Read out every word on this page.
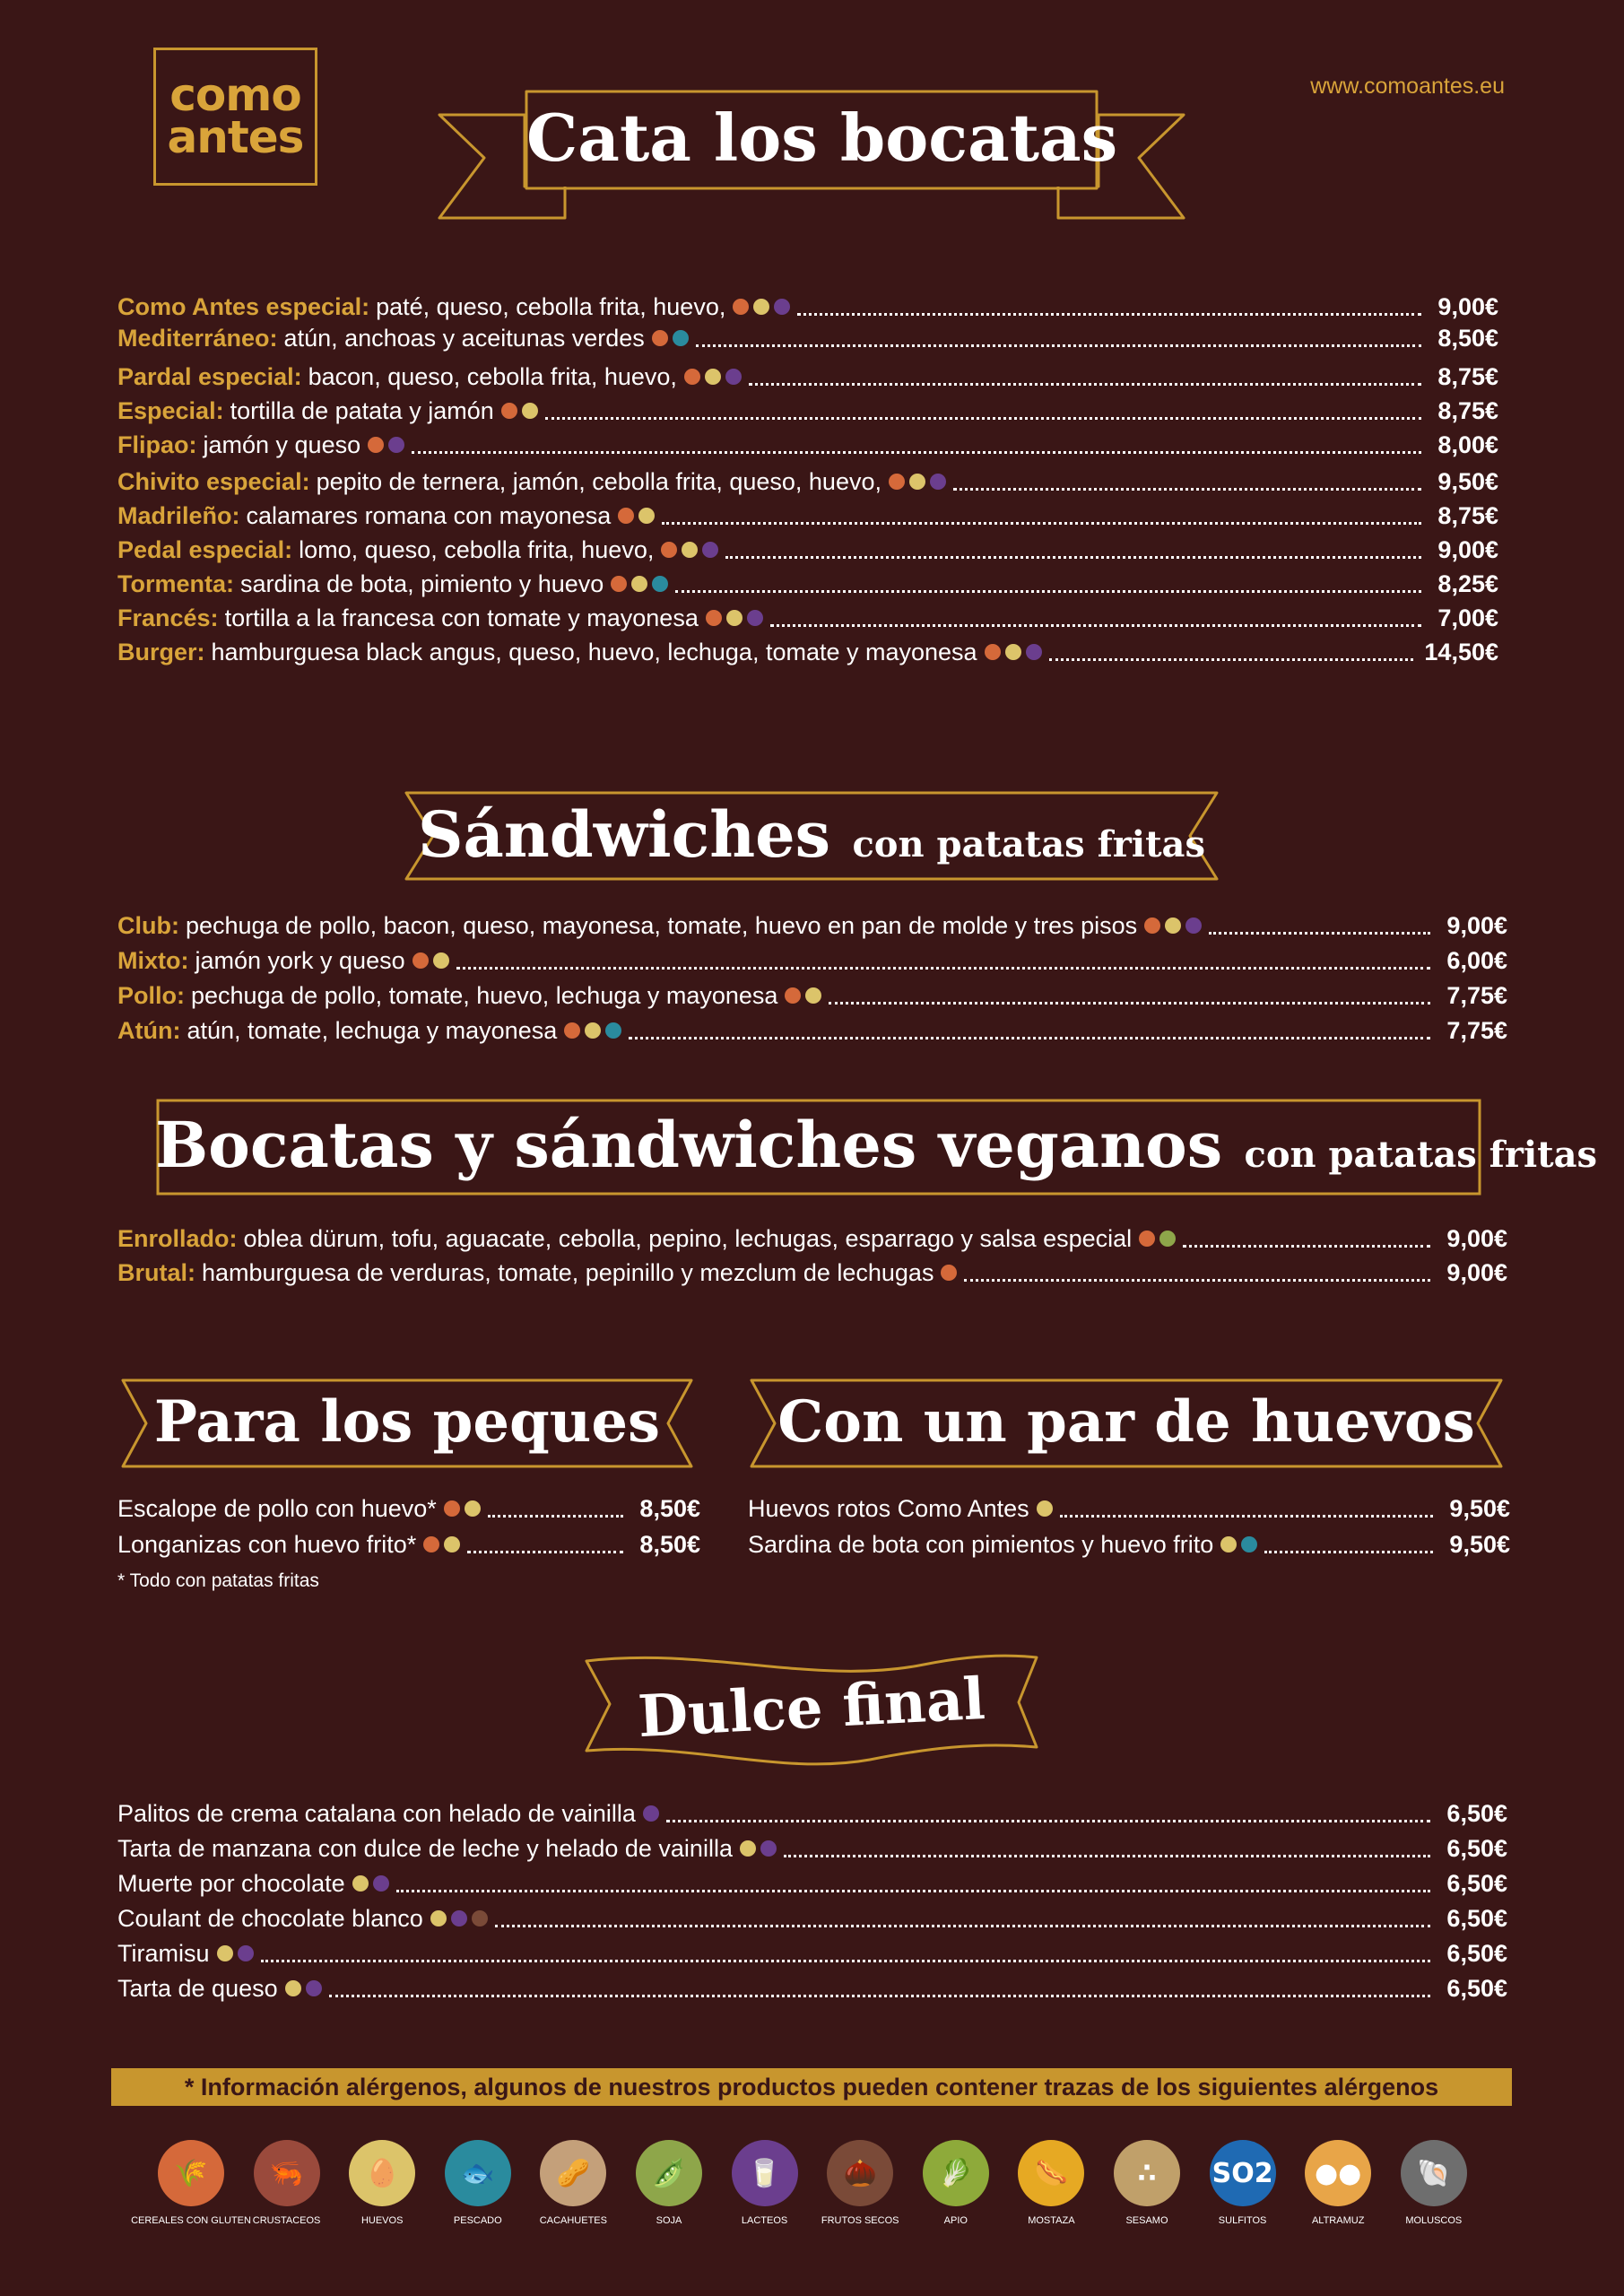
como
antes
www.comoantes.eu
Cata los bocatas
Como Antes especial: paté, queso, cebolla frita, huevo,	9,00€
Mediterráneo: atún, anchoas y aceitunas verdes	8,50€
Pardal especial: bacon, queso, cebolla frita, huevo,	8,75€
Especial: tortilla de patata y jamón	8,75€
Flipao: jamón y queso	8,00€
Chivito especial: pepito de ternera, jamón, cebolla frita, queso, huevo,	9,50€
Madrileño: calamares romana con mayonesa	8,75€
Pedal especial: lomo, queso, cebolla frita, huevo,	9,00€
Tormenta: sardina de bota, pimiento y huevo	8,25€
Francés: tortilla a la francesa con tomate y mayonesa	7,00€
Burger: hamburguesa black angus, queso, huevo, lechuga, tomate y mayonesa	14,50€
Sándwiches con patatas fritas
Club: pechuga de pollo, bacon, queso, mayonesa, tomate, huevo en pan de molde y tres pisos	9,00€
Mixto: jamón york y queso	6,00€
Pollo: pechuga de pollo, tomate, huevo, lechuga y mayonesa	7,75€
Atún: atún, tomate, lechuga y mayonesa	7,75€
Bocatas y sándwiches veganos con patatas fritas
Enrollado: oblea dürum, tofu, aguacate, cebolla, pepino, lechugas, esparrago y salsa especial	9,00€
Brutal: hamburguesa de verduras, tomate, pepinillo y mezclum de lechugas	9,00€
Para los peques	Con un par de huevos
Escalope de pollo con huevo*	8,50€
Longanizas con huevo frito*	8,50€
Huevos rotos Como Antes	9,50€
Sardina de bota con pimientos y huevo frito	9,50€
* Todo con patatas fritas
Dulce final
Palitos de crema catalana con helado de vainilla	6,50€
Tarta de manzana con dulce de leche y helado de vainilla	6,50€
Muerte por chocolate	6,50€
Coulant de chocolate blanco	6,50€
Tiramisu	6,50€
Tarta de queso	6,50€
* Información alérgenos, algunos de nuestros productos pueden contener trazas de los siguientes alérgenos
🌾
CEREALES CON GLUTEN
🦐
CRUSTACEOS
🥚
HUEVOS
🐟
PESCADO
🥜
CACAHUETES
🫛
SOJA
🥛
LACTEOS
🌰
FRUTOS SECOS
🥬
APIO
🌭
MOSTAZA
∴
SESAMO
SO2
SULFITOS
●●
ALTRAMUZ
🐚
MOLUSCOS
